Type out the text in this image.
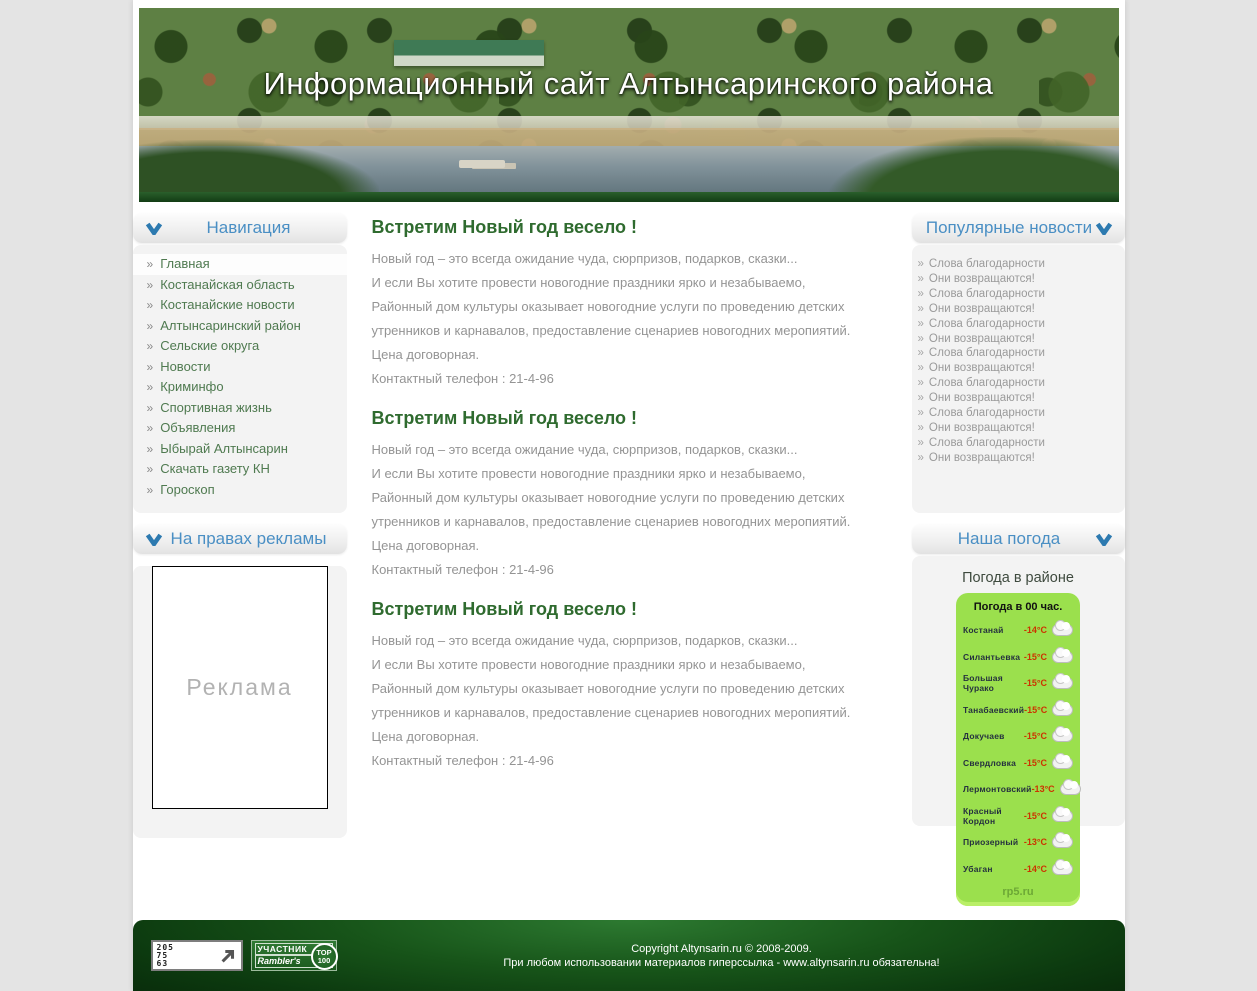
Информационный сайт Алтынсаринского района
Навигация
» Главная
» Костанайская область
» Костанайские новости
» Алтынсаринский район
» Сельские округа
» Новости
» Криминфо
» Спортивная жизнь
» Объявления
» Ыбырай Алтынсарин
» Скачать газету КН
» Гороскоп
На правах рекламы
Реклама
Встретим Новый год весело !

Новый год – это всегда ожидание чуда, сюрпризов, подарков, сказки...

И если Вы хотите провести новогодние праздники ярко и незабываемо,

Районный дом культуры оказывает новогодние услуги по проведению детских

утренников и карнавалов, предоставление сценариев новогодних меропиятий.

Цена договорная.

Контактный телефон : 21-4-96

Встретим Новый год весело !

Новый год – это всегда ожидание чуда, сюрпризов, подарков, сказки...

И если Вы хотите провести новогодние праздники ярко и незабываемо,

Районный дом культуры оказывает новогодние услуги по проведению детских

утренников и карнавалов, предоставление сценариев новогодних меропиятий.

Цена договорная.

Контактный телефон : 21-4-96

Встретим Новый год весело !

Новый год – это всегда ожидание чуда, сюрпризов, подарков, сказки...

И если Вы хотите провести новогодние праздники ярко и незабываемо,

Районный дом культуры оказывает новогодние услуги по проведению детских

утренников и карнавалов, предоставление сценариев новогодних меропиятий.

Цена договорная.

Контактный телефон : 21-4-96

Популярные новости
» Слова благодарности
» Они возвращаются!
» Слова благодарности
» Они возвращаются!
» Слова благодарности
» Они возвращаются!
» Слова благодарности
» Они возвращаются!
» Слова благодарности
» Они возвращаются!
» Слова благодарности
» Они возвращаются!
» Слова благодарности
» Они возвращаются!
Наша погода
Погода в районе
Погода в 00 час.
Костанай	-14°C
Силантьевка -15°C
Большая Чурако	-15°C
Танабаевский -15°C
Докучаев	-15°C
Свердловка -15°C
Лермонтовский -13°C
Красный Кордон	-15°C
Приозерный -13°C
Убаган	-14°C
rp5.ru
205
75
63
УЧАСТНИК
Rambler's
TOP
100
Copyright Altynsarin.ru © 2008-2009.
При любом использовании материалов гиперссылка - www.altynsarin.ru обязательна!
